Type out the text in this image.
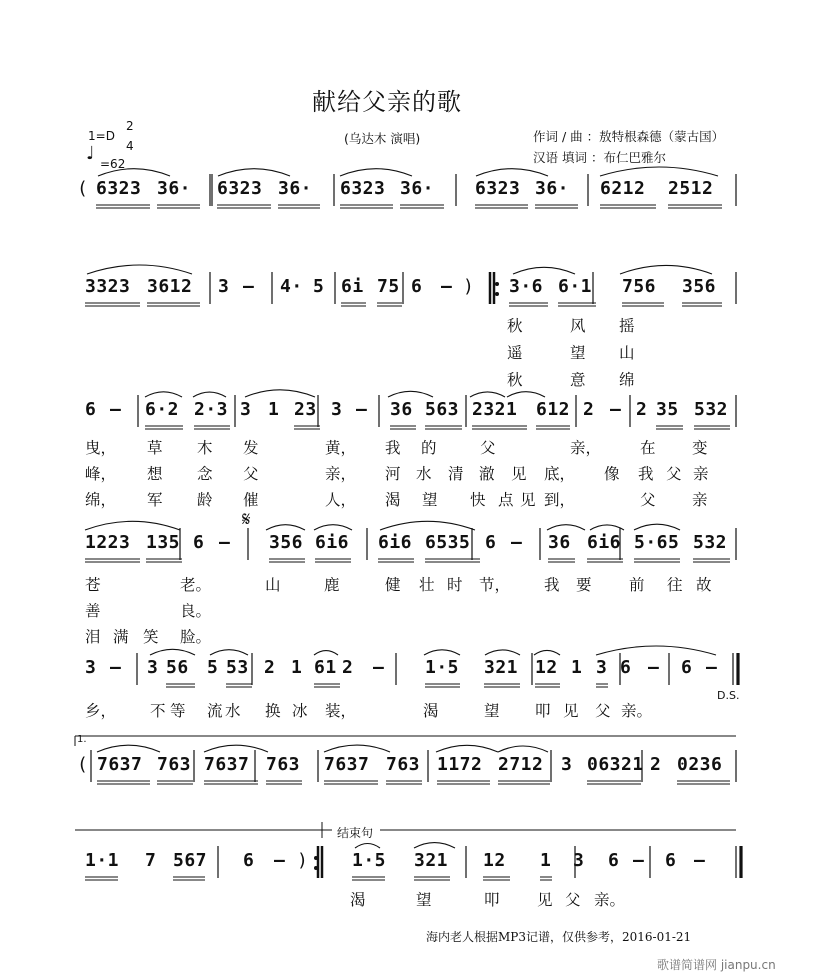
献给父亲的歌
1=D
2
4
♩ =62
(乌达木 演唱)	作词 / 曲 ：敖特根森德（蒙古国）
汉语 填词 ：布仁巴雅尔
( 6323 36· 6323 36· 6323 36· 6323 36· 6212 2512
3323 3612 3 – 4· 5 6i 75 6 – ) 3·6 6·1 756 356
6 – 6·2 2·3 3 1 23 3 – 36 563 2321 612 2 – 2 35 532
1223 135 6 – 356 6i6 6i6 6535 6 – 36 6i6 5·65 532
3 – 3 56 5 53 2 1 61 2 – 1·5 321 12 1 3 6 – 6 –
( 7637 763 7637 763 7637 763 1172 2712 3 06321 2 0236
1·1 7 567 6 – ) 1·5 321 12 1 3 6 – 6 –
秋	风 摇
遥	望 山
秋	意 绵
曳， 草 木 发	黄， 我 的	父	亲，	在 变
峰， 想 念 父	亲， 河 水 清 澈 见 底， 像 我 父 亲
绵， 军 龄 催	人， 渴 望 快 点 见 到，	父 亲
苍	老。	山	鹿	健 壮 时 节， 我 要 前 往 故
善	良。
泪 满 笑 脸。
乡， 不 等 流 水 换 冰 装，	渴	望 叩 见 父 亲。
渴	望	叩 见 父 亲。
D.S.
1.
结束句
𝄋
海内老人根据MP3记谱，仅供参考，2016-01-21
歌谱简谱网 jianpu.cn
